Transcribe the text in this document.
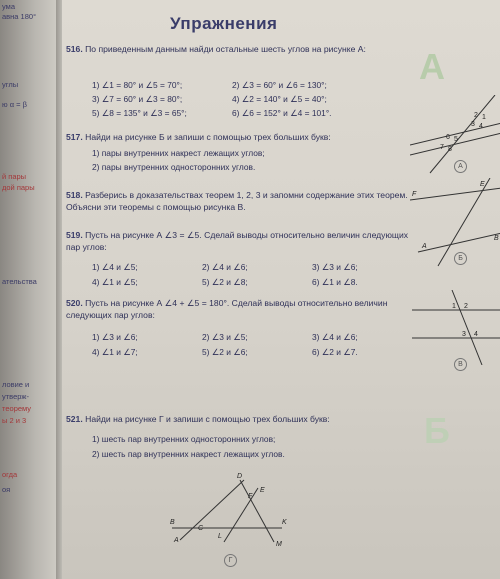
ума
авна 180°
углы
ю α = β
й пары
дой пары
ательства
ловие и
утверж-
теорему
ы 2 и 3
огда
оя
Упражнения
516. По приведенным данным найди остальные шесть углов на рисунке А:
1) ∠1 = 80° и ∠5 = 70°;	2) ∠3 = 60° и ∠6 = 130°;
3) ∠7 = 60° и ∠3 = 80°;	4) ∠2 = 140° и ∠5 = 40°;
5) ∠8 = 135° и ∠3 = 65°;	6) ∠6 = 152° и ∠4 = 101°.
517. Найди на рисунке Б и запиши с помощью трех больших букв:
1) пары внутренних накрест лежащих углов;
2) пары внутренних односторонних углов.
518. Разберись в доказательствах теорем 1, 2, 3 и запомни содержание этих теорем. Объясни эти теоремы с помощью рисунка В.
519. Пусть на рисунке А ∠3 = ∠5. Сделай выводы относительно величин следующих пар углов:
1) ∠4 и ∠5;	2) ∠4 и ∠6;	3) ∠3 и ∠6;
4) ∠1 и ∠5;	5) ∠2 и ∠8;	6) ∠1 и ∠8.
520. Пусть на рисунке А ∠4 + ∠5 = 180°. Сделай выводы относительно величин следующих пар углов:
1) ∠3 и ∠6;	2) ∠3 и ∠5;	3) ∠4 и ∠6;
4) ∠1 и ∠7;	5) ∠2 и ∠6;	6) ∠2 и ∠7.
521. Найди на рисунке Г и запиши с помощью трех больших букв:
1) шесть пар внутренних односторонних углов;
2) шесть пар внутренних накрест лежащих углов.
А
1
2
3 4
5
6
7 8
А
A
B
E
F
Б
1 2
3 4
В
Б
D
E
F
B
C
A
K
L
M
Г
